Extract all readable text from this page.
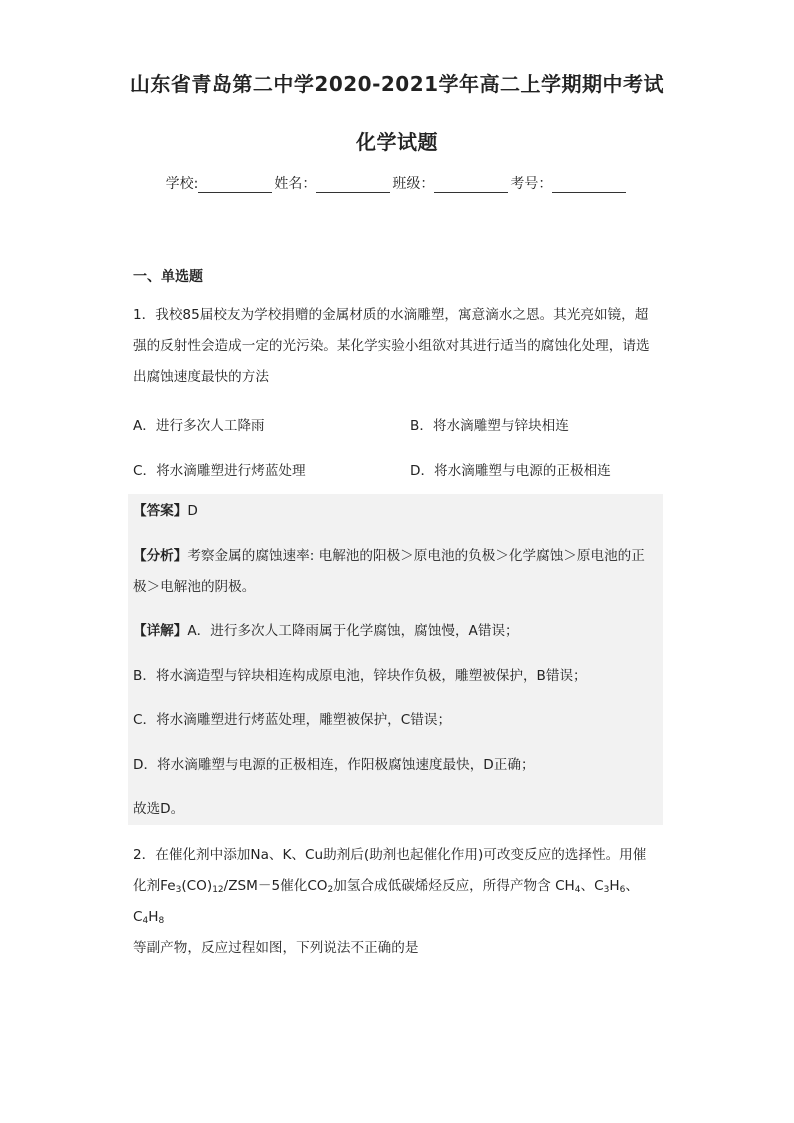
山东省青岛第二中学2020-2021学年高二上学期期中考试
化学试题
学校:	姓名：	班级：	考号：
一、单选题
1．我校85届校友为学校捐赠的金属材质的水滴雕塑，寓意滴水之恩。其光亮如镜，超
强的反射性会造成一定的光污染。某化学实验小组欲对其进行适当的腐蚀化处理，请选
出腐蚀速度最快的方法
A．进行多次人工降雨	B．将水滴雕塑与锌块相连
C．将水滴雕塑进行烤蓝处理	D．将水滴雕塑与电源的正极相连
【答案】D
【分析】考察金属的腐蚀速率: 电解池的阳极＞原电池的负极＞化学腐蚀＞原电池的正
极＞电解池的阴极。
【详解】A．进行多次人工降雨属于化学腐蚀，腐蚀慢，A错误；
B．将水滴造型与锌块相连构成原电池，锌块作负极，雕塑被保护，B错误；
C．将水滴雕塑进行烤蓝处理，雕塑被保护，C错误；
D．将水滴雕塑与电源的正极相连，作阳极腐蚀速度最快，D正确；
故选D。
2．在催化剂中添加Na、K、Cu助剂后(助剂也起催化作用)可改变反应的选择性。用催
化剂$Fe_3(CO)_{12}/ZSM-5$催化$CO_2$加氢合成低碳烯烃反应，所得产物含 $CH_4$、$C_3H_6$、$C_4H_8$
等副产物，反应过程如图，下列说法不正确的是
